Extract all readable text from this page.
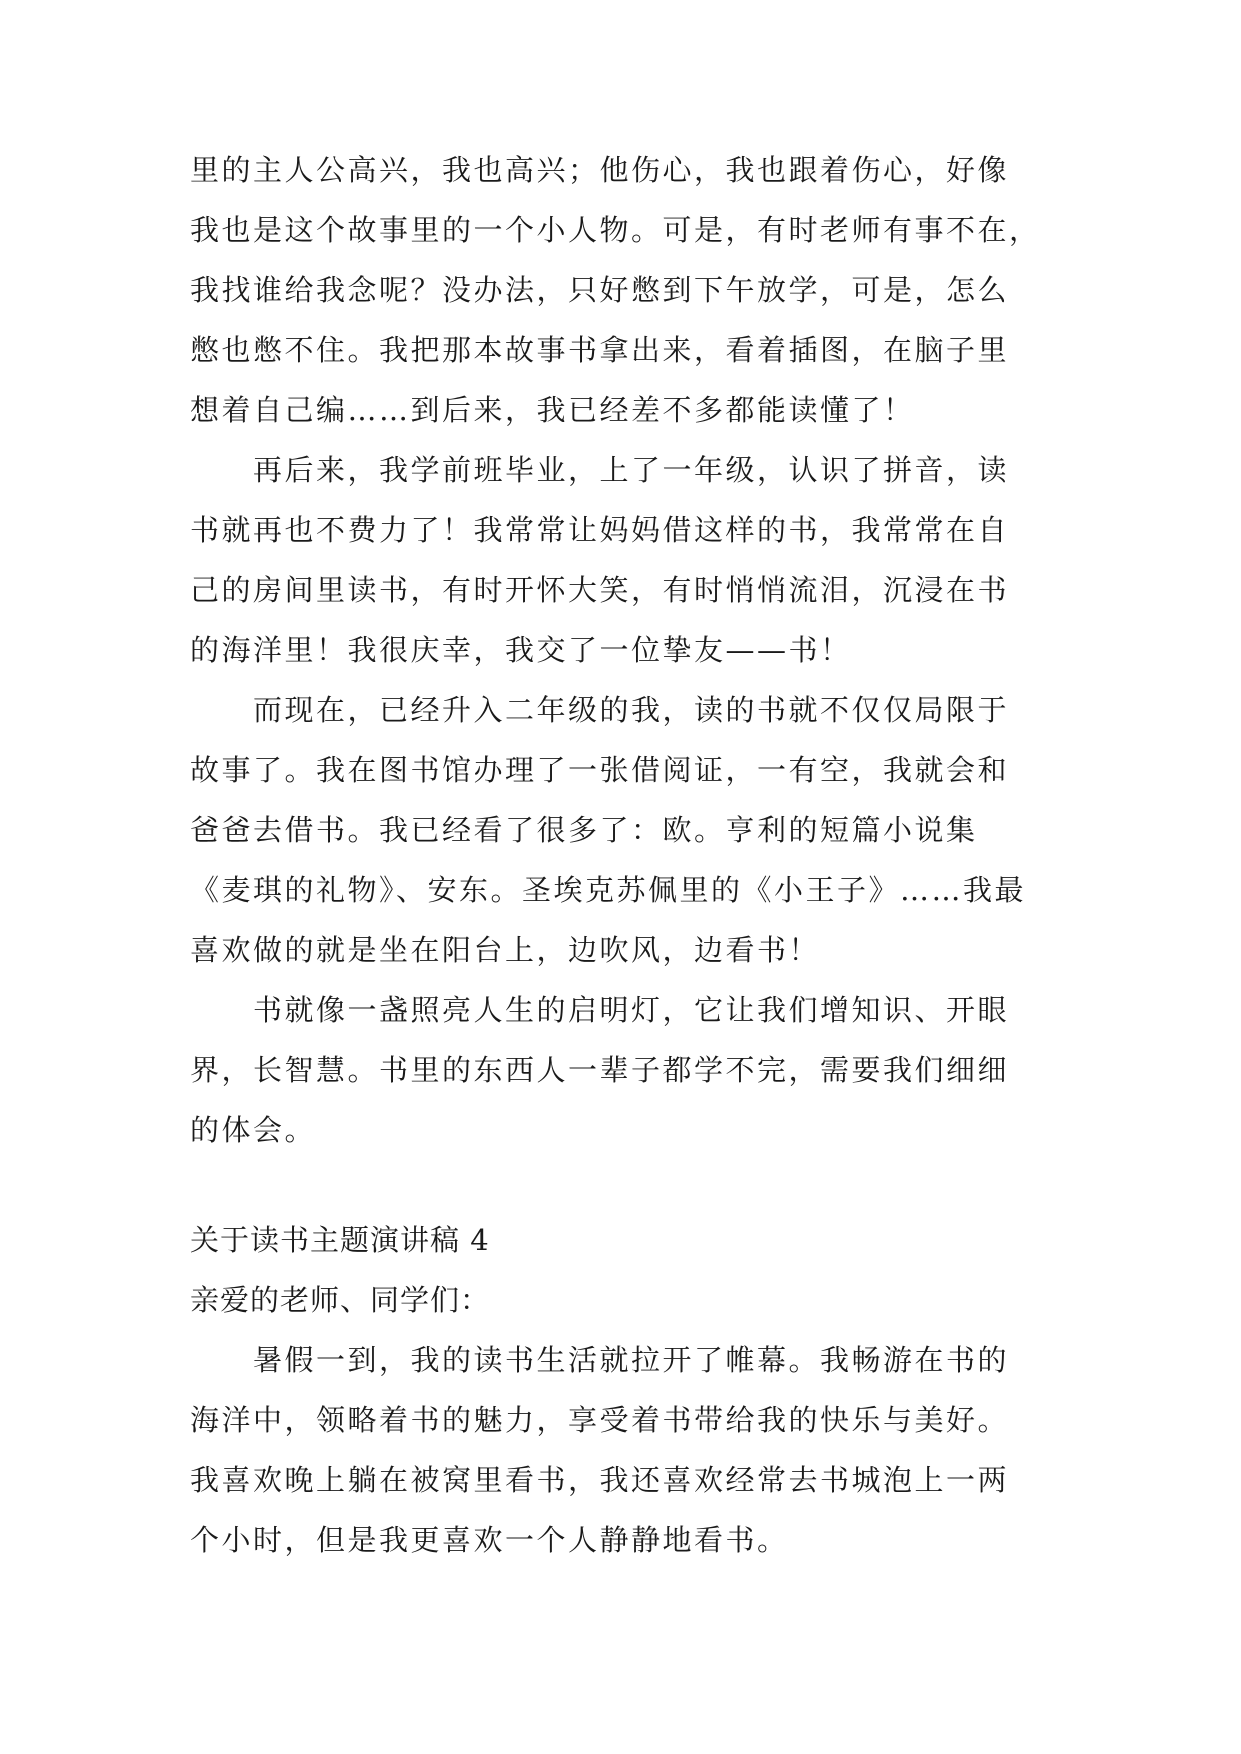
里的主人公高兴，我也高兴；他伤心，我也跟着伤心，好像
我也是这个故事里的一个小人物。可是，有时老师有事不在，
我找谁给我念呢？没办法，只好憋到下午放学，可是，怎么
憋也憋不住。我把那本故事书拿出来，看着插图，在脑子里
想着自己编……到后来，我已经差不多都能读懂了！
再后来，我学前班毕业，上了一年级，认识了拼音，读
书就再也不费力了！我常常让妈妈借这样的书，我常常在自
己的房间里读书，有时开怀大笑，有时悄悄流泪，沉浸在书
的海洋里！我很庆幸，我交了一位挚友——书！
而现在，已经升入二年级的我，读的书就不仅仅局限于
故事了。我在图书馆办理了一张借阅证，一有空，我就会和
爸爸去借书。我已经看了很多了：欧。亨利的短篇小说集
《麦琪的礼物》、安东。圣埃克苏佩里的《小王子》……我最
喜欢做的就是坐在阳台上，边吹风，边看书！
书就像一盏照亮人生的启明灯，它让我们增知识、开眼
界，长智慧。书里的东西人一辈子都学不完，需要我们细细
的体会。
关于读书主题演讲稿 4
亲爱的老师、同学们：
暑假一到，我的读书生活就拉开了帷幕。我畅游在书的
海洋中，领略着书的魅力，享受着书带给我的快乐与美好。
我喜欢晚上躺在被窝里看书，我还喜欢经常去书城泡上一两
个小时，但是我更喜欢一个人静静地看书。
